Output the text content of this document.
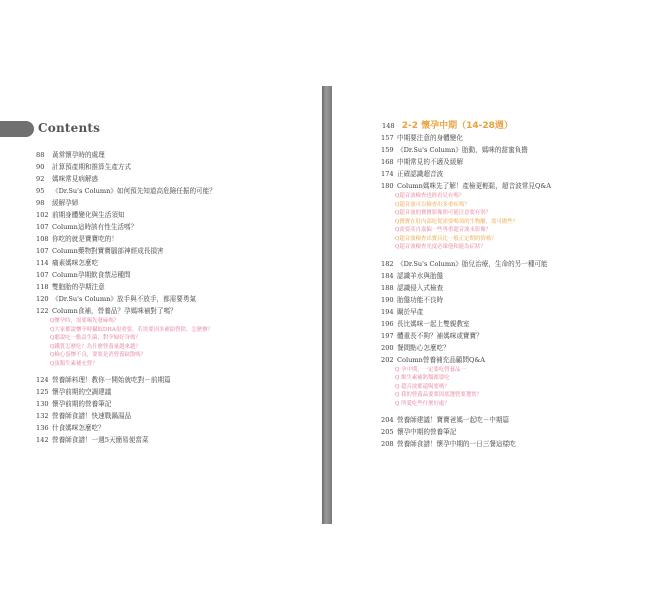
Contents
88 黃常懷孕時的處理
90 計算預產期和推算生產方式
92 媽咪常見病解惑
95 《Dr.Su's Column》如何預先知道高危險任振的可能？
98 緩解孕婦
102 前期身體變化與生活須知
107 Column這時該有性生活嗎？
108 你吃的就是寶寶吃的！
107 Column藥物對寶寶腦部神經成長損害
114 痛素媽咪怎麼吃
107 Column孕期飲食禁忌種問
118 雙胞胎的孕期注意
120 《Dr.Su's Column》放手與不放手，都需要勇氣
122 Column食補，營養品？孕媽咪補對了嗎？
Q懷孕時，需要喝先發麻嗎？
Q大家都說懷孕時攝取DHA很重要，若需要因多補給營除，怎麼辦？
Q聽說吃一點益生菌，對孕婦好身嗎？
Q鐵質怎麼吃？為什麼營養量越來越？
Q檢心蛋懷不良，要要是消營養缺散嗎？
Q蛋類生素補充營？
124 營養師料理！教你一開始就吃對－前期篇
125 懷孕前期的空調建議
130 懷孕前期的營養筆記
132 營養師食譜！快速戰鍋湯品
136 什食媽咪怎麼吃？
142 營養師食譜！一週5天簡易便當菜
148 2-2 懷孕中期（14-28週）
157 中期要注意的身體變化
159 《Dr.Su's Column》胎動，媽咪的甜蜜負擔
168 中期常見的不適及緩解
174 正確認識超音波
180 Column媽咪先了解！產檢更輕鬆，超音波常見Q&A
Q超音波檢查也經看見有嗎？
Q超音波可以檢查出多重疾嗎？
Q超音波的寶寶影像照可能注意要有別？
Q寶寶在肚內部吃從需要嗎須的生物醣，需可做些？
Q需要產自嘉偏一些專重超音波未影像？
Q超音波檢查出寶具比一般正定期的情嗎？
Q超音波檢查光度必暈他和能為症狀？
182 《Dr.Su's Column》胎兒治療，生命的另一種可能
184 認識羊水與胎盤
188 認識侵入式檢查
190 胎盤功能不良時
194 關於早產
196 長比媽咪一起上雙親教室
197 體重長不夠？補媽咪或寶寶？
200 餐間點心怎麼吃？
202 Column營養補充品顧問Q&A
Q 孕中期，一定要吃營養品一
Q 維生素補鈣類都要吃
Q 超音波都還喝要嗎？
Q 我的營養品要要固底選營要選實？
Q 所愛吃些什麼好處？
204 營養師建議！寶寶爸媽一起吃－中期篇
205 懷孕中期的營養筆記
208 營養師食譜！懷孕中期的一日三餐這樣吃
